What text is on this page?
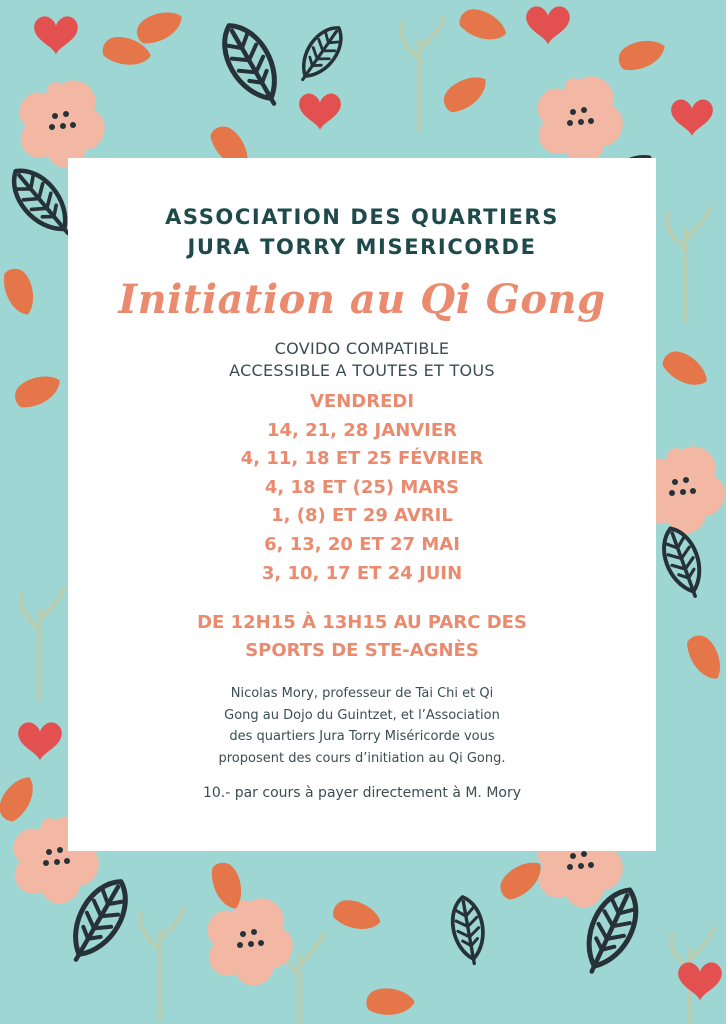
ASSOCIATION DES QUARTIERS
JURA TORRY MISERICORDE
Initiation au Qi Gong
COVIDO COMPATIBLE
ACCESSIBLE A TOUTES ET TOUS
VENDREDI
14, 21, 28 JANVIER
4, 11, 18 ET 25 FÉVRIER
4, 18 ET (25) MARS
1, (8) ET 29 AVRIL
6, 13, 20 ET 27 MAI
3, 10, 17 ET 24 JUIN
DE 12H15 À 13H15 AU PARC DES
SPORTS DE STE-AGNÈS
Nicolas Mory, professeur de Tai Chi et Qi
Gong au Dojo du Guintzet, et l’Association
des quartiers Jura Torry Miséricorde vous
proposent des cours d’initiation au Qi Gong.
10.- par cours à payer directement à M. Mory
